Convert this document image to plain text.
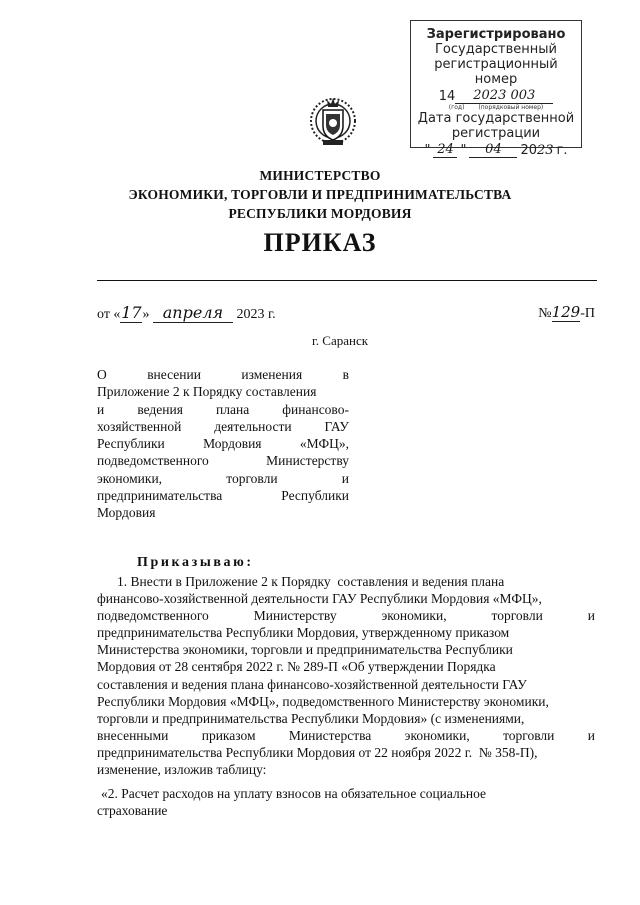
Зарегистрировано
Государственный
регистрационный номер
14	2023 003
(год) (порядковый номер)
Дата государственной
регистрации
" 24 "	04	20 23 г.
МИНИСТЕРСТВО
ЭКОНОМИКИ, ТОРГОВЛИ И ПРЕДПРИНИМАТЕЛЬСТВА
РЕСПУБЛИКИ МОРДОВИЯ
ПРИКАЗ
от «17» апреля 2023 г.	№129-П
г. Саранск
О	внесении	изменения	в
Приложение 2 к Порядку составления
и ведения плана финансово-
хозяйственной деятельности ГАУ
Республики	Мордовия	«МФЦ»,
подведомственного	Министерству
экономики,	торговли	и
предпринимательства	Республики
Мордовия
Приказываю:
1. Внести в Приложение 2 к Порядку  составления и ведения плана
финансово-хозяйственной деятельности ГАУ Республики Мордовия «МФЦ»,
подведомственного	Министерству	экономики,	торговли	и
предпринимательства Республики Мордовия, утвержденному приказом
Министерства экономики, торговли и предпринимательства Республики
Мордовия от 28 сентября 2022 г. № 289-П «Об утверждении Порядка
составления и ведения плана финансово-хозяйственной деятельности ГАУ
Республики Мордовия «МФЦ», подведомственного Министерству экономики,
торговли и предпринимательства Республики Мордовия» (с изменениями,
внесенными приказом Министерства экономики, торговли и
предпринимательства Республики Мордовия от 22 ноября 2022 г.  № 358-П),
изменение, изложив таблицу:
«2. Расчет расходов на уплату взносов на обязательное социальное
страхование
